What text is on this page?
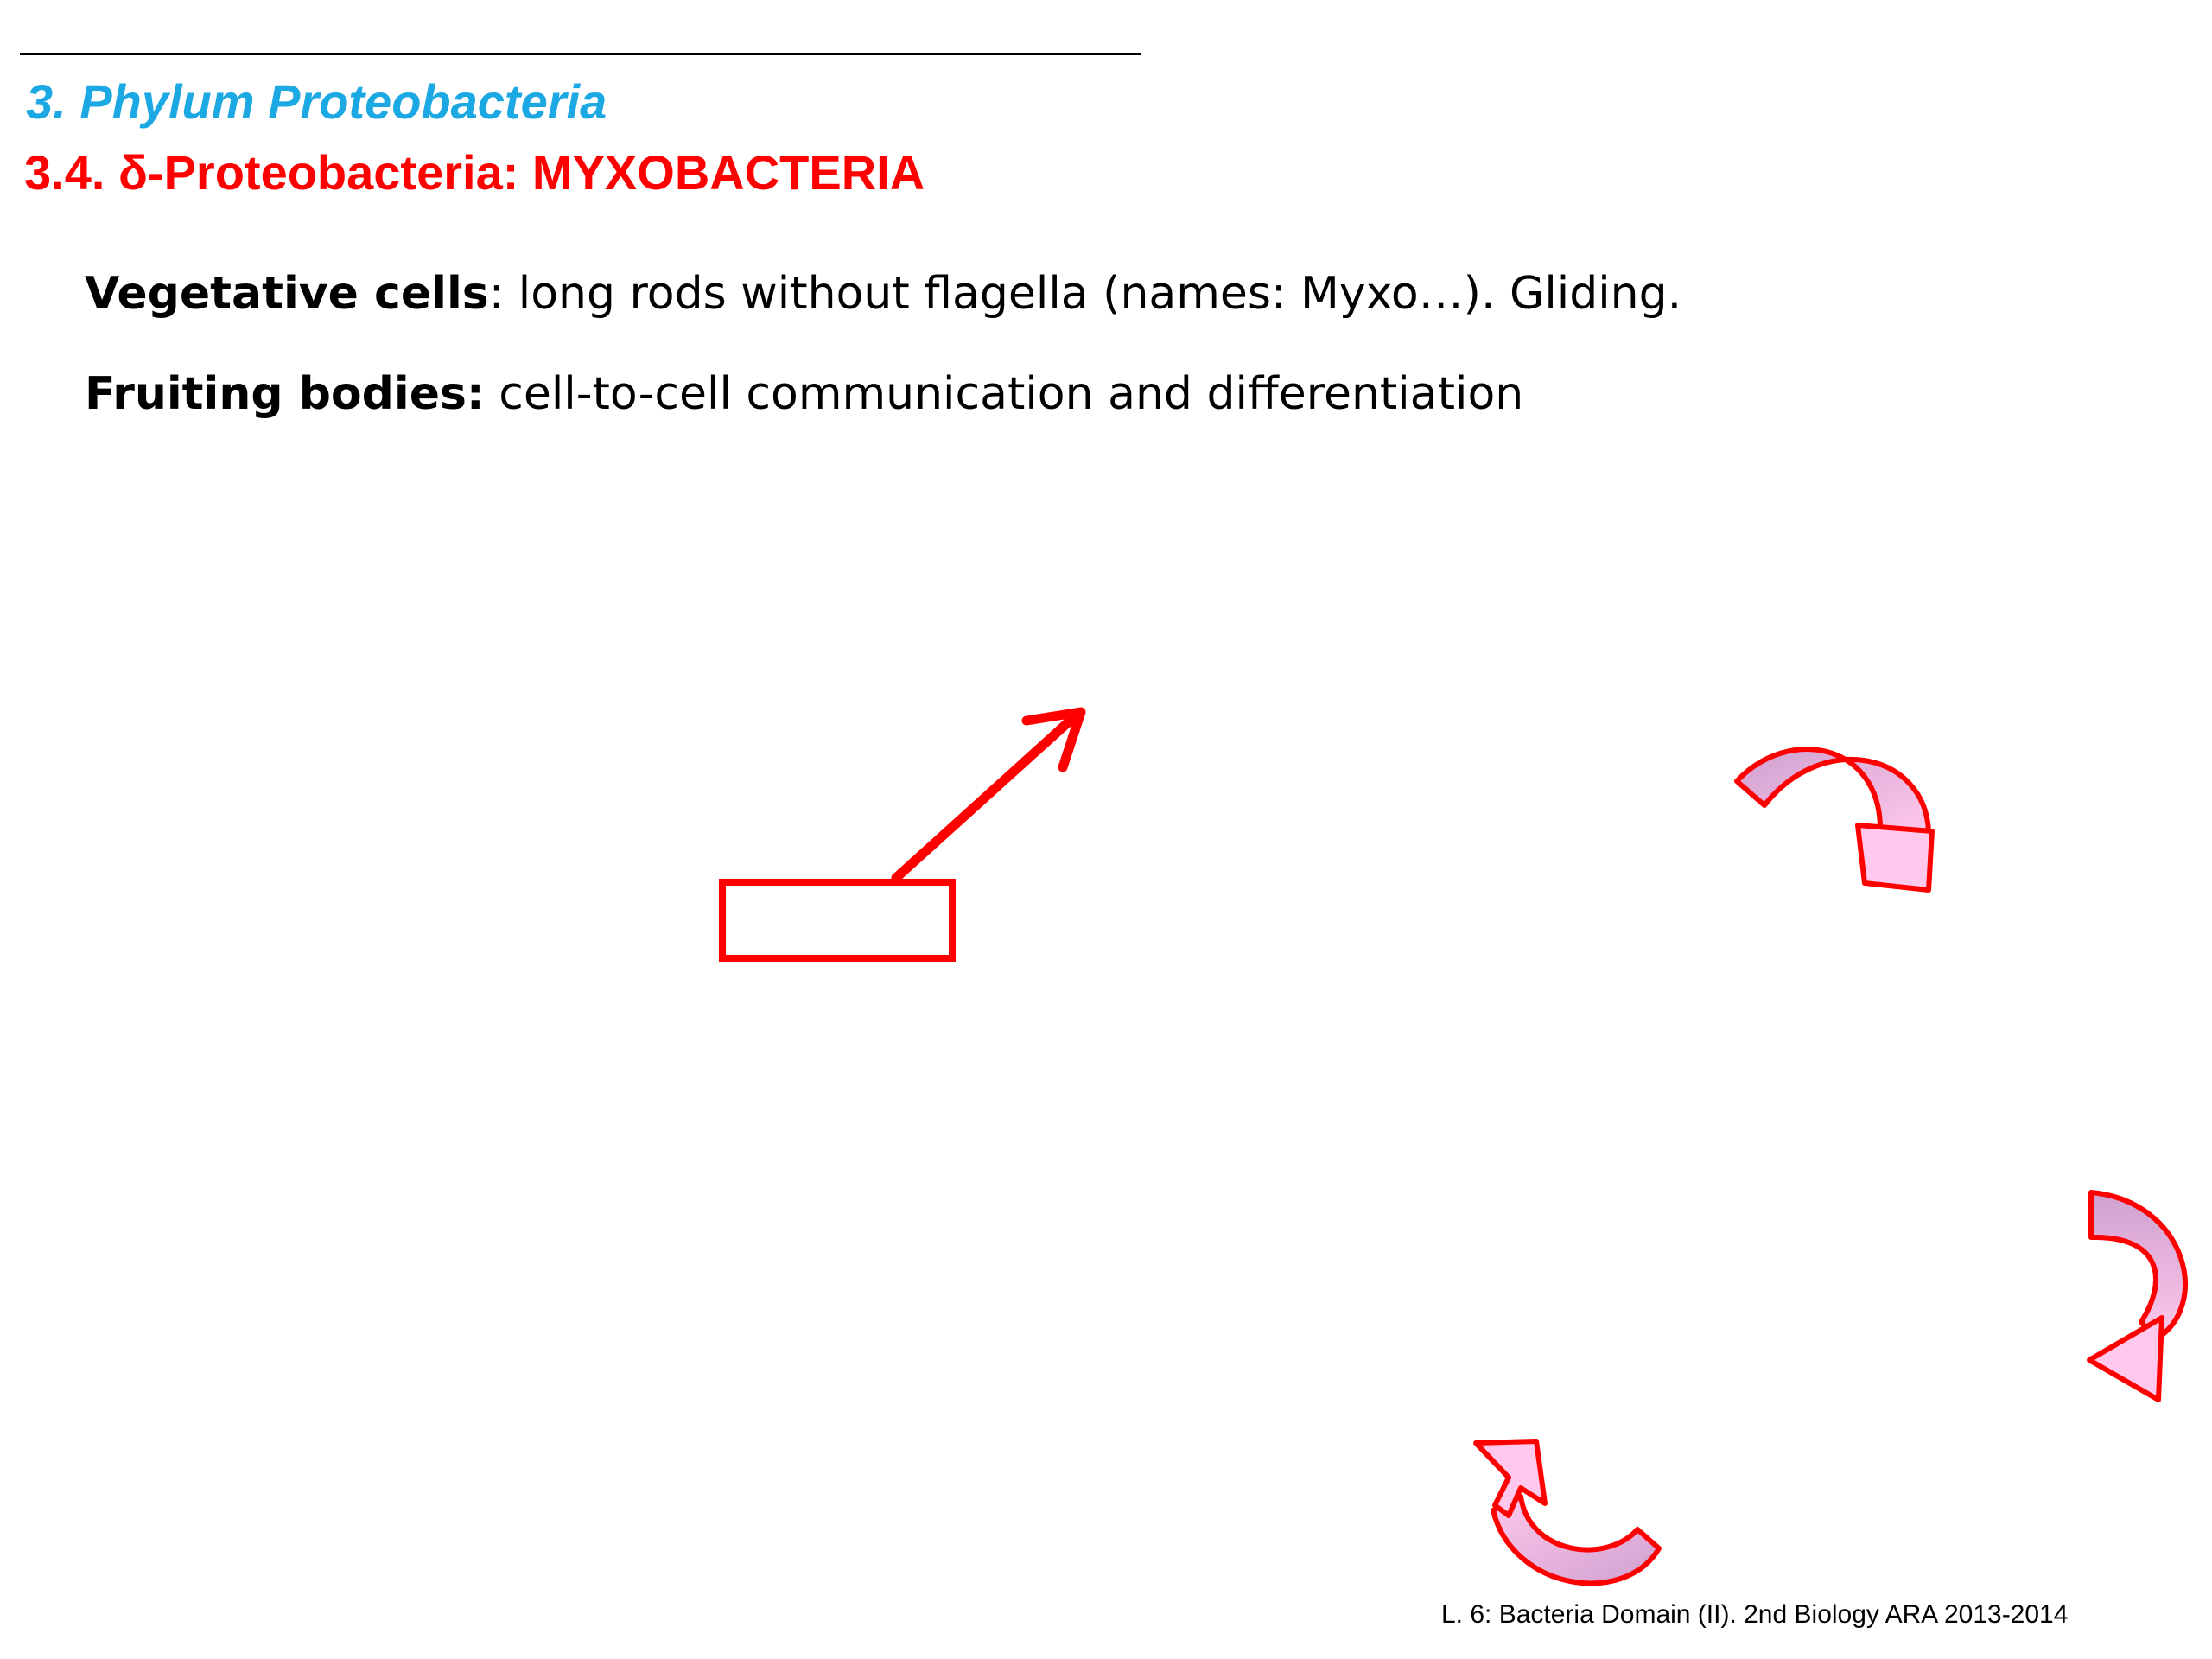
3. Phylum Proteobacteria
3.4. δ-Proteobacteria: MYXOBACTERIA

Vegetative cells: long rods without flagella (names: Myxo…). Gliding.

Fruiting bodies: cell-to-cell communication and differentiation

L. 6: Bacteria Domain (II). 2nd Biology ARA 2013-2014
